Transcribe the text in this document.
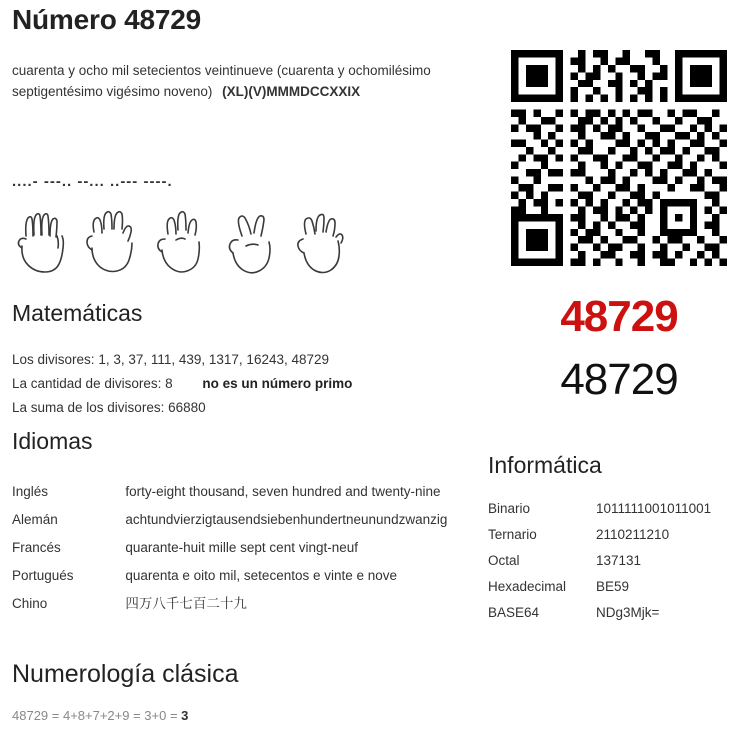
Número 48729
cuarenta y ocho mil setecientos veintinueve (cuarenta y ochomilésimo septigentésimo vigésimo noveno) (XL)(V)MMMDCCXXIX
....- ---.. --... ..--- ----.
Matemáticas
Los divisores: 1, 3, 37, 111, 439, 1317, 16243, 48729
La cantidad de divisores: 8 no es un número primo
La suma de los divisores: 66880
Idiomas
Inglés	forty-eight thousand, seven hundred and twenty-nine
Alemán	achtundvierzigtausendsiebenhundertneunundzwanzig
Francés	quarante-huit mille sept cent vingt-neuf
Portugués	quarenta e oito mil, setecentos e vinte e nove
Chino	四万八千七百二十九
Informática
Binario	1011111001011001
Ternario	2110211210
Octal	137131
Hexadecimal	BE59
BASE64	NDg3Mjk=
Numerología clásica
48729 = 4+8+7+2+9 = 3+0 = 3
48729
48729
